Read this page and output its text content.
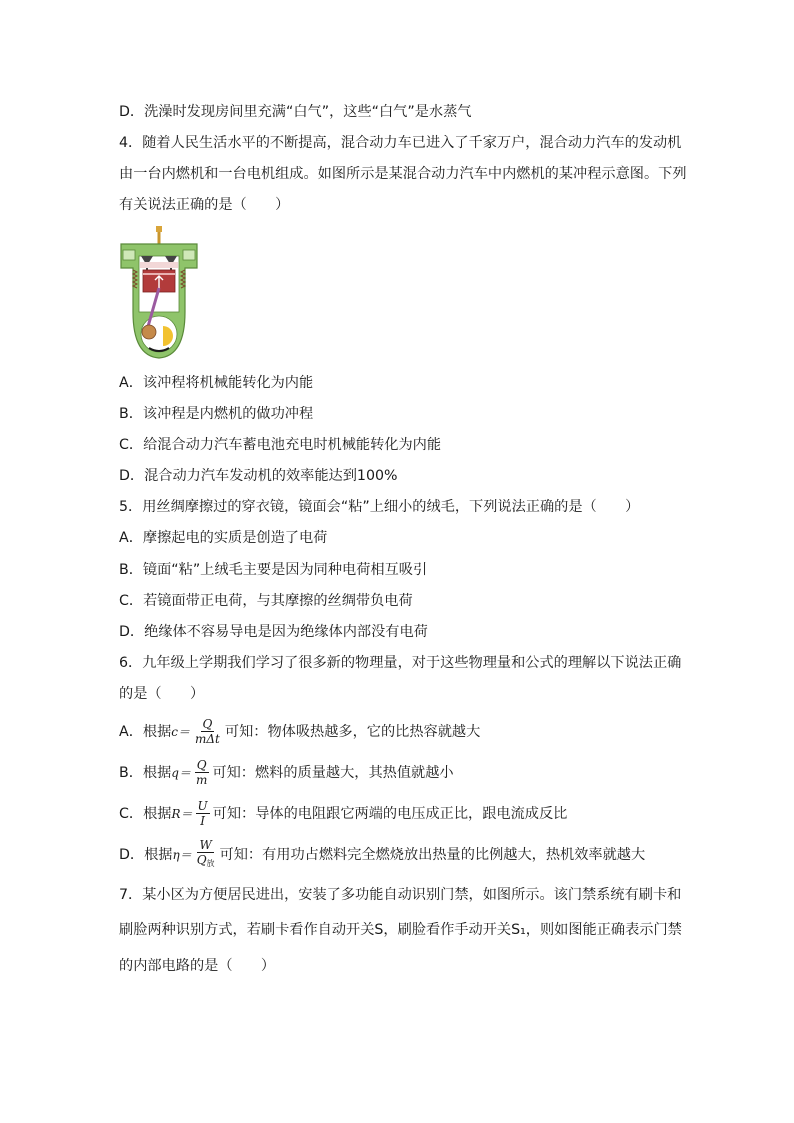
D．洗澡时发现房间里充满“白气”，这些“白气”是水蒸气
4．随着人民生活水平的不断提高，混合动力车已进入了千家万户，混合动力汽车的发动机
由一台内燃机和一台电机组成。如图所示是某混合动力汽车中内燃机的某冲程示意图。下列
有关说法正确的是（　　）
A．该冲程将机械能转化为内能
B．该冲程是内燃机的做功冲程
C．给混合动力汽车蓄电池充电时机械能转化为内能
D．混合动力汽车发动机的效率能达到100%
5．用丝绸摩擦过的穿衣镜，镜面会“粘”上细小的绒毛，下列说法正确的是（　　）
A．摩擦起电的实质是创造了电荷
B．镜面“粘”上绒毛主要是因为同种电荷相互吸引
C．若镜面带正电荷，与其摩擦的丝绸带负电荷
D．绝缘体不容易导电是因为绝缘体内部没有电荷
6．九年级上学期我们学习了很多新的物理量，对于这些物理量和公式的理解以下说法正确
的是（　　）
A．根据 $c= \frac{Q}{\text{mΔt}}$ 可知：物体吸热越多，它的比热容就越大
B．根据 $q= \frac{Q}{m}$ 可知：燃料的质量越大，其热值就越小
C．根据 $R= \frac{U}{I}$ 可知：导体的电阻跟它两端的电压成正比，跟电流成反比
D．根据 $\eta= \frac{W}{Q_放}$ 可知：有用功占燃料完全燃烧放出热量的比例越大，热机效率就越大
7．某小区为方便居民进出，安装了多功能自动识别门禁，如图所示。该门禁系统有刷卡和
刷脸两种识别方式，若刷卡看作自动开关S，刷脸看作手动开关S₁，则如图能正确表示门禁
的内部电路的是（　　）
